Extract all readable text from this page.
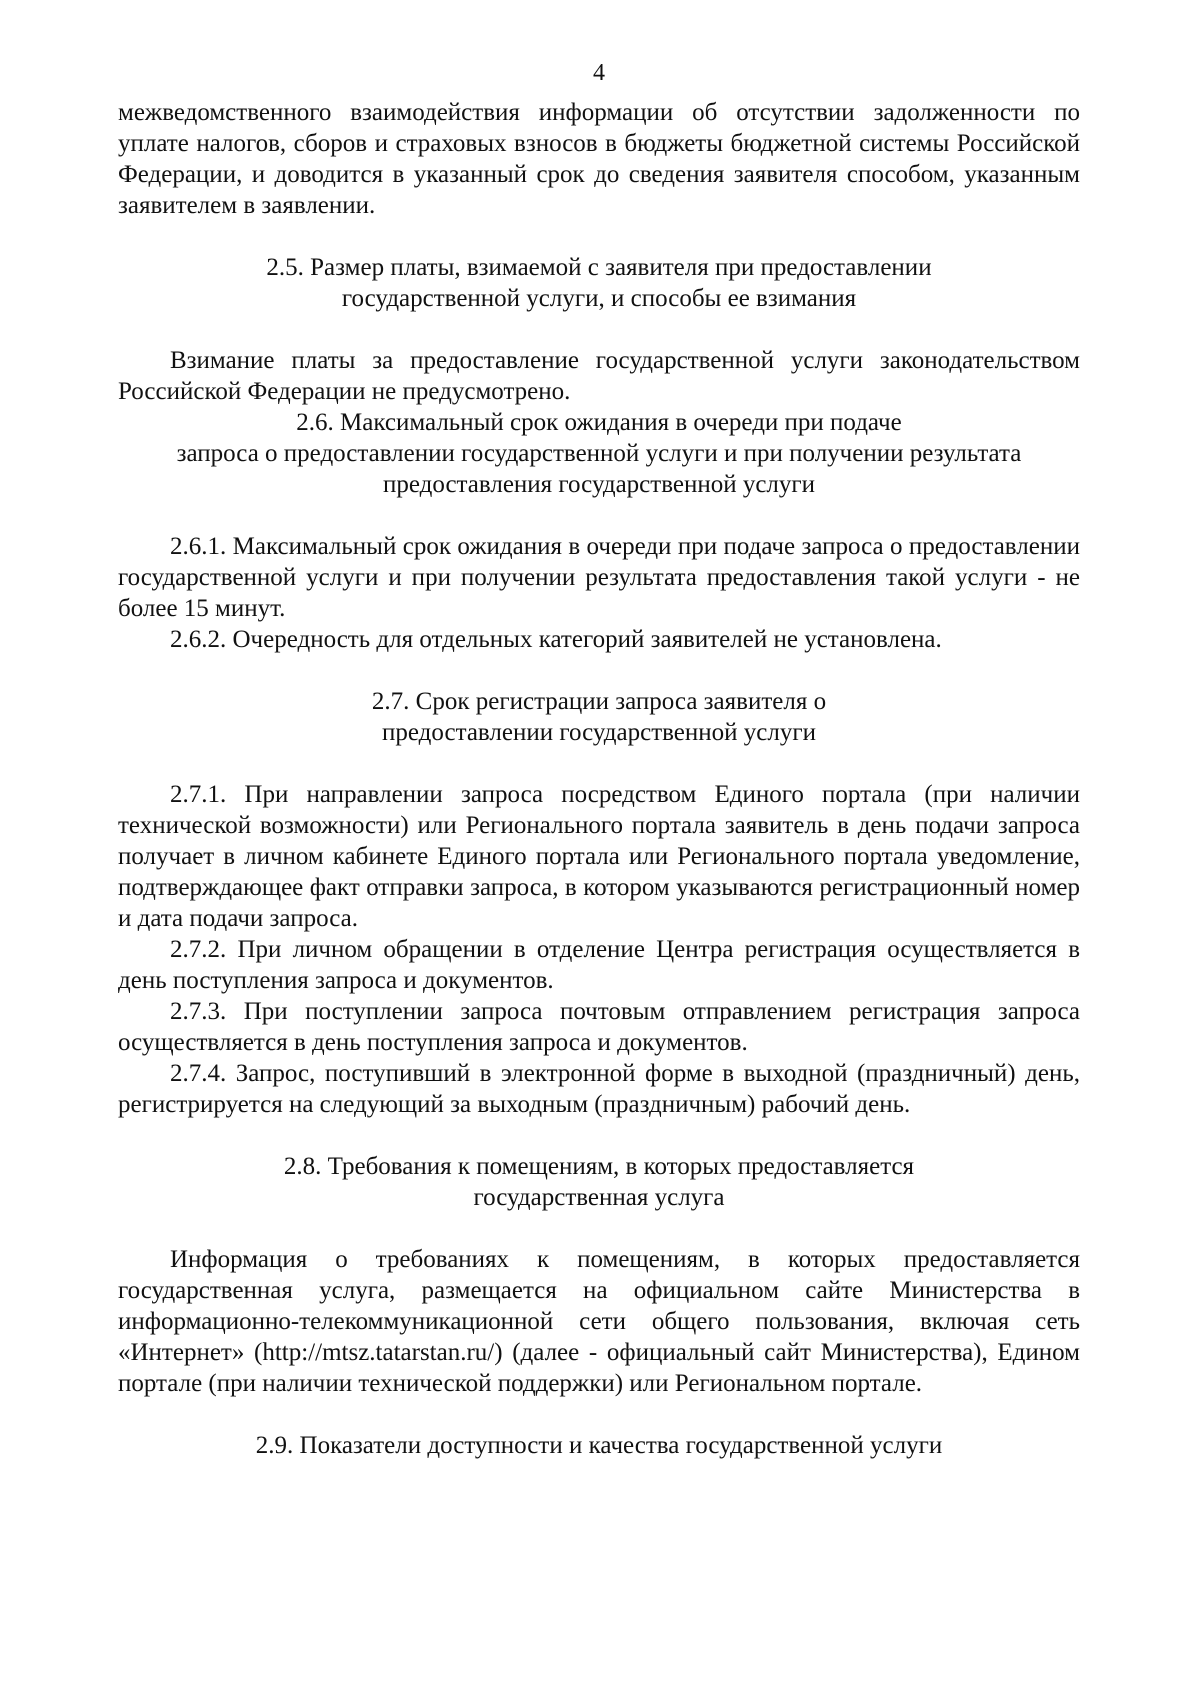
4

межведомственного взаимодействия информации об отсутствии задолженности по уплате налогов, сборов и страховых взносов в бюджеты бюджетной системы Российской Федерации, и доводится в указанный срок до сведения заявителя способом, указанным заявителем в заявлении.

2.5. Размер платы, взимаемой с заявителя при предоставлении
государственной услуги, и способы ее взимания

Взимание платы за предоставление государственной услуги законодательством Российской Федерации не предусмотрено.

2.6. Максимальный срок ожидания в очереди при подаче
запроса о предоставлении государственной услуги и при получении результата
предоставления государственной услуги

2.6.1. Максимальный срок ожидания в очереди при подаче запроса о предоставлении государственной услуги и при получении результата предоставления такой услуги - не более 15 минут.

2.6.2. Очередность для отдельных категорий заявителей не установлена.

2.7. Срок регистрации запроса заявителя о
предоставлении государственной услуги

2.7.1. При направлении запроса посредством Единого портала (при наличии технической возможности) или Регионального портала заявитель в день подачи запроса получает в личном кабинете Единого портала или Регионального портала уведомление, подтверждающее факт отправки запроса, в котором указываются регистрационный номер и дата подачи запроса.

2.7.2. При личном обращении в отделение Центра регистрация осуществляется в день поступления запроса и документов.

2.7.3. При поступлении запроса почтовым отправлением регистрация запроса осуществляется в день поступления запроса и документов.

2.7.4. Запрос, поступивший в электронной форме в выходной (праздничный) день, регистрируется на следующий за выходным (праздничным) рабочий день.

2.8. Требования к помещениям, в которых предоставляется
государственная услуга

Информация о требованиях к помещениям, в которых предоставляется государственная услуга, размещается на официальном сайте Министерства в информационно-телекоммуникационной сети общего пользования, включая сеть «Интернет» (http://mtsz.tatarstan.ru/) (далее - официальный сайт Министерства), Едином портале (при наличии технической поддержки) или Региональном портале.

2.9. Показатели доступности и качества государственной услуги
